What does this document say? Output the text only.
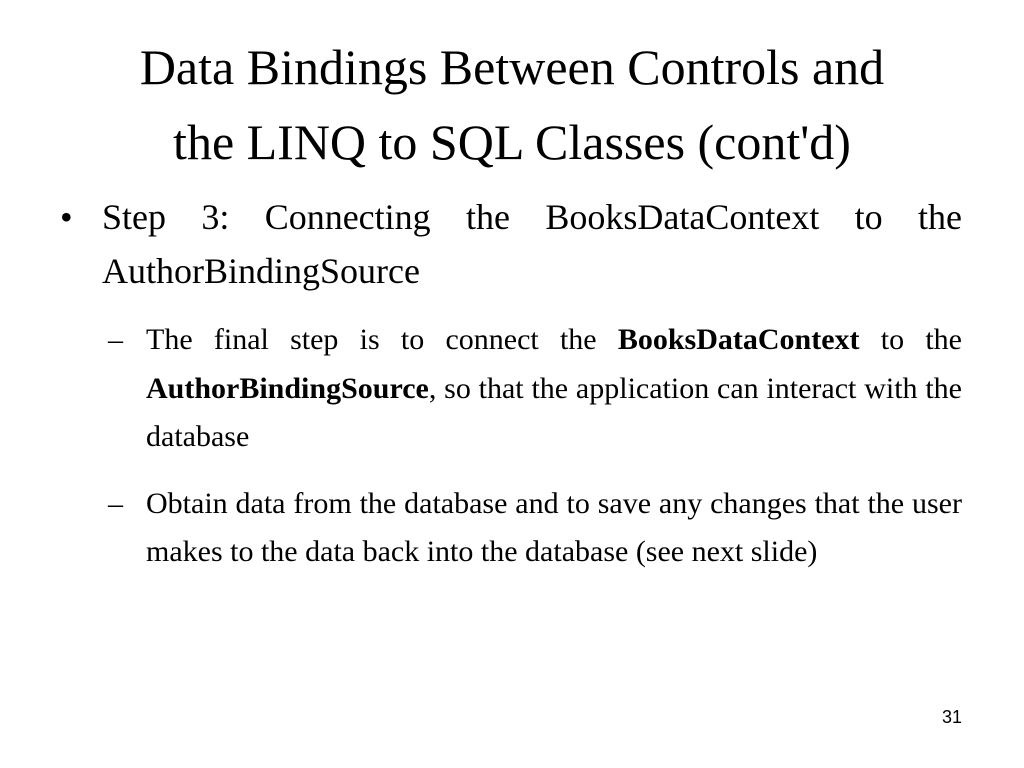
Data Bindings Between Controls and
the LINQ to SQL Classes (cont'd)
• Step 3: Connecting the BooksDataContext to the AuthorBindingSource
– The final step is to connect the BooksDataContext to the AuthorBindingSource, so that the application can interact with the database
– Obtain data from the database and to save any changes that the user makes to the data back into the database (see next slide)
31
